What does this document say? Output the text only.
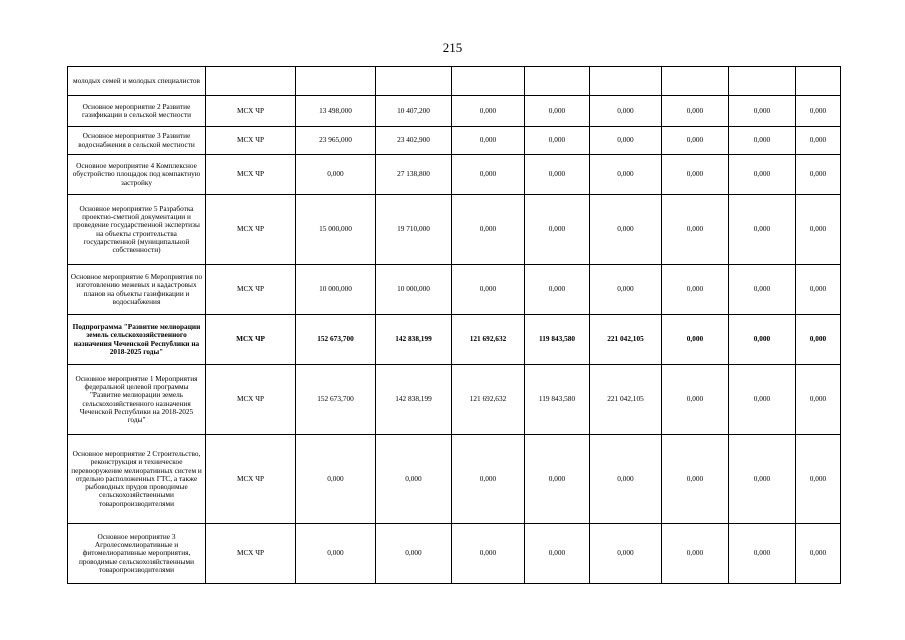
215
молодых семей и молодых специалистов									
Основное мероприятие 2 Развитие газификации в сельской местности	МСХ ЧР	13 498,000	10 407,200	0,000	0,000	0,000	0,000	0,000	0,000
Основное мероприятие 3 Развитие водоснабжения в сельской местности	МСХ ЧР	23 965,000	23 402,900	0,000	0,000	0,000	0,000	0,000	0,000
Основное мероприятие 4 Комплексное обустройство площадок под компактную застройку	МСХ ЧР	0,000	27 138,800	0,000	0,000	0,000	0,000	0,000	0,000
Основное мероприятие 5 Разработка проектно-сметной документации и проведение государственной экспертизы на объекты строительства государственной (муниципальной собственности)	МСХ ЧР	15 000,000	19 710,000	0,000	0,000	0,000	0,000	0,000	0,000
Основное мероприятие 6 Мероприятия по изготовлению межевых и кадастровых планов на объекты газификации и водоснабжения	МСХ ЧР	10 000,000	10 000,000	0,000	0,000	0,000	0,000	0,000	0,000
Подпрограмма "Развитие мелиорации земель сельскохозяйственного назначения Чеченской Республики на 2018-2025 годы"	МСХ ЧР	152 673,700	142 838,199	121 692,632	119 843,580	221 042,105	0,000	0,000	0,000
Основное мероприятие 1 Мероприятия федеральной целевой программы "Развитие мелиорации земель сельскохозяйственного назначения Чеченской Республики на 2018-2025 годы"	МСХ ЧР	152 673,700	142 838,199	121 692,632	119 843,580	221 042,105	0,000	0,000	0,000
Основное мероприятие 2 Строительство, реконструкция и техническое перевооружение мелиоративных систем и отдельно расположенных ГТС, а также рыбоводных прудов проводимые сельскохозяйственными товаропроизводителями	МСХ ЧР	0,000	0,000	0,000	0,000	0,000	0,000	0,000	0,000
Основное мероприятие 3 Агролесомелиоративные и фитомелиоративные мероприятия, проводимые сельскохозяйственными товаропроизводителями	МСХ ЧР	0,000	0,000	0,000	0,000	0,000	0,000	0,000	0,000
